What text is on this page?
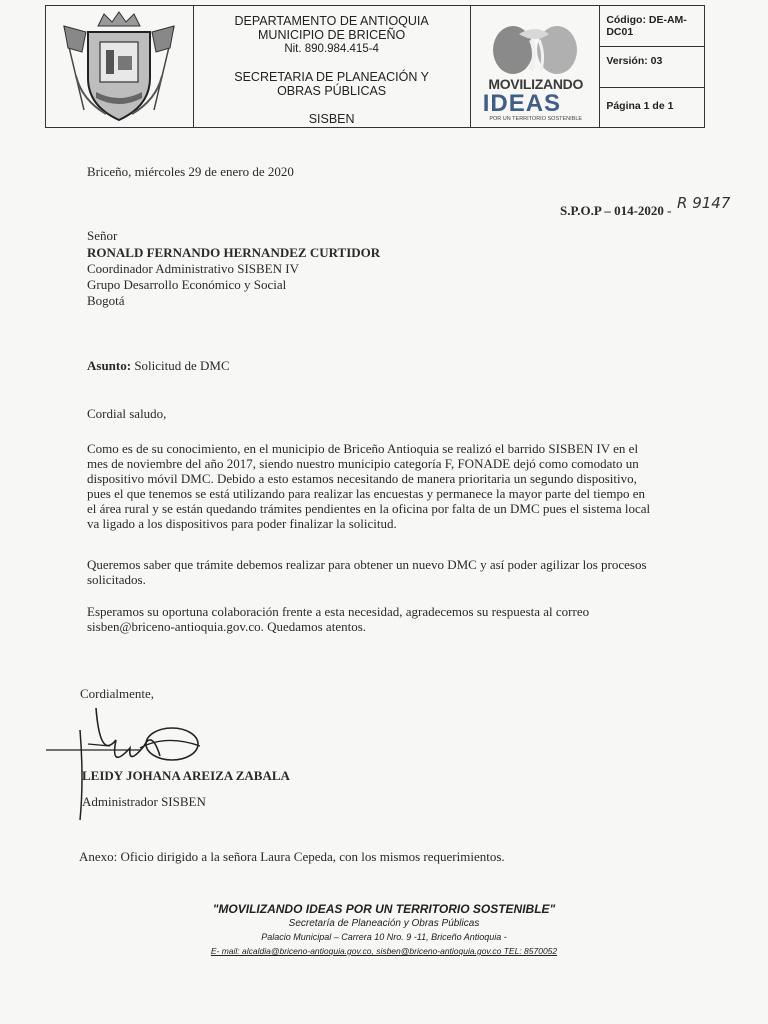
DEPARTAMENTO DE ANTIOQUIA
MUNICIPIO DE BRICEÑO
Nit. 890.984.415-4
SECRETARIA DE PLANEACIÓN Y
OBRAS PÚBLICAS
SISBEN
MOVILIZANDO
IDEAS
POR UN TERRITORIO SOSTENIBLE
Código: DE-AM-DC01
Versión: 03
Página 1 de 1
Briceño, miércoles 29 de enero de 2020
S.P.O.P – 014-2020 - R 9147
Señor
RONALD FERNANDO HERNANDEZ CURTIDOR
Coordinador Administrativo SISBEN IV
Grupo Desarrollo Económico y Social
Bogotá
Asunto: Solicitud de DMC
Cordial saludo,
Como es de su conocimiento, en el municipio de Briceño Antioquia se realizó el barrido SISBEN IV en el
mes de noviembre del año 2017, siendo nuestro municipio categoría F, FONADE dejó como comodato un
dispositivo móvil DMC. Debido a esto estamos necesitando de manera prioritaria un segundo dispositivo,
pues el que tenemos se está utilizando para realizar las encuestas y permanece la mayor parte del tiempo en
el área rural y se están quedando trámites pendientes en la oficina por falta de un DMC pues el sistema local
va ligado a los dispositivos para poder finalizar la solicitud.
Queremos saber que trámite debemos realizar para obtener un nuevo DMC y así poder agilizar los procesos
solicitados.
Esperamos su oportuna colaboración frente a esta necesidad, agradecemos su respuesta al correo
sisben@briceno-antioquia.gov.co. Quedamos atentos.
Cordialmente,
LEIDY JOHANA AREIZA ZABALA
Administrador SISBEN
Anexo: Oficio dirigido a la señora Laura Cepeda, con los mismos requerimientos.
"MOVILIZANDO IDEAS POR UN TERRITORIO SOSTENIBLE"
Secretaría de Planeación y Obras Públicas
Palacio Municipal – Carrera 10 Nro. 9 -11, Briceño Antioquia -
E- mail: alcaldia@briceno-antioquia.gov.co, sisben@briceno-antioquia.gov.co TEL: 8570052
